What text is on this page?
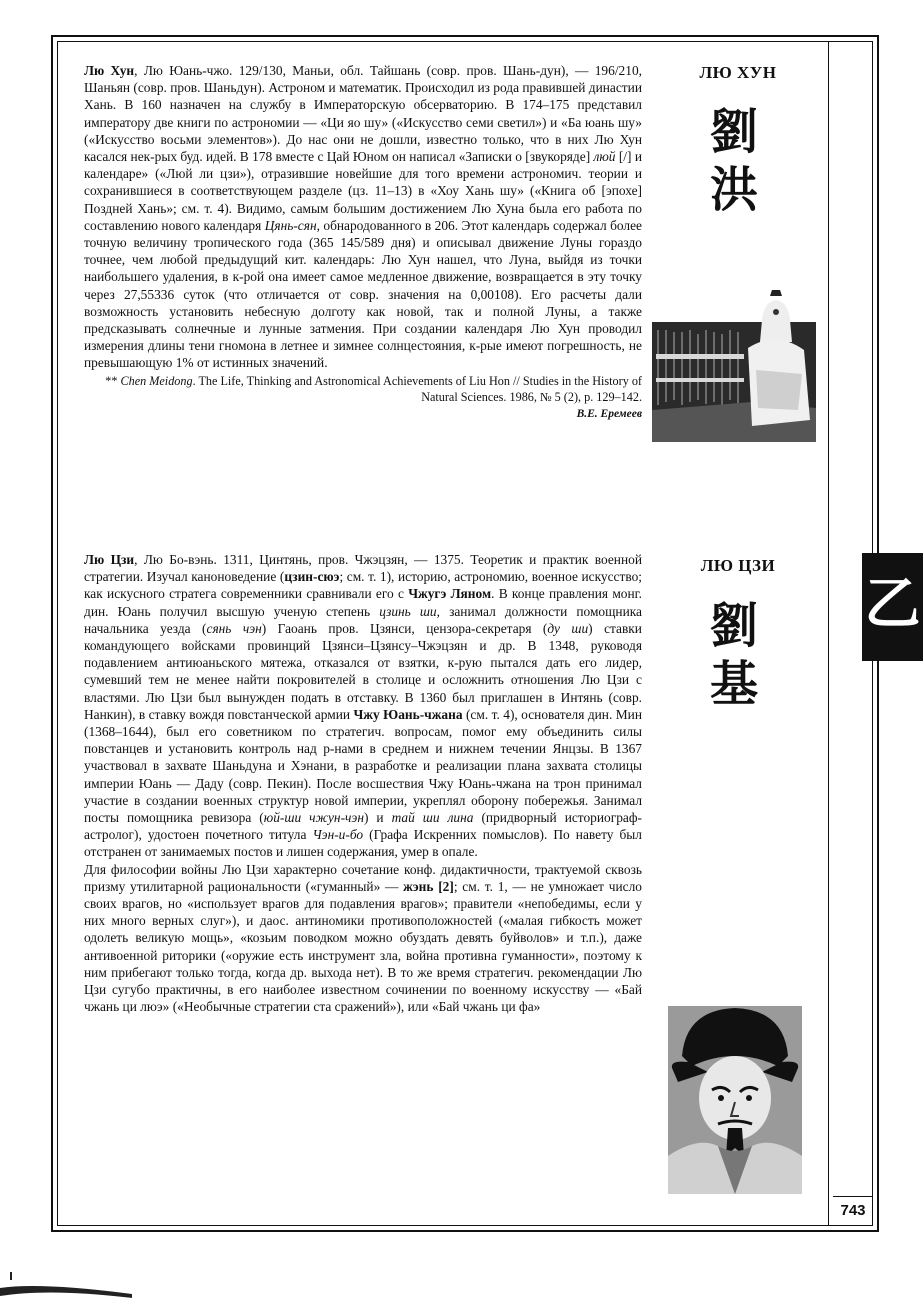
743

Лю Хун, Лю Юань-чжо. 129/130, Маньи, обл. Тайшань (совр. пров. Шань-дун), — 196/210, Шаньян (совр. пров. Шаньдун). Астроном и математик. Происходил из рода правившей династии Хань. В 160 назначен на службу в Императорскую обсерваторию. В 174–175 представил императору две книги по астрономии — «Ци яо шу» («Искусство семи светил») и «Ба юань шу» («Искусство восьми элементов»). До нас они не дошли, известно только, что в них Лю Хун касался нек-рых буд. идей. В 178 вместе с Цай Юном он написал «Записки о [звукоряде] люй [/] и календаре» («Люй ли цзи»), отразившие новейшие для того времени астрономич. теории и сохранившиеся в соответствующем разделе (цз. 11–13) в «Хоу Хань шу» («Книга об [эпохе] Поздней Хань»; см. т. 4). Видимо, самым большим достижением Лю Хуна была его работа по составлению нового календаря Цянь-сян, обнародованного в 206. Этот календарь содержал более точную величину тропического года (365 145/589 дня) и описывал движение Луны гораздо точнее, чем любой предыдущий кит. календарь: Лю Хун нашел, что Луна, выйдя из точки наибольшего удаления, в к-рой она имеет самое медленное движение, возвращается в эту точку через 27,55336 суток (что отличается от совр. значения на 0,00108). Его расчеты дали возможность установить небесную долготу как новой, так и полной Луны, а также предсказывать солнечные и лунные затмения. При создании календаря Лю Хун проводил измерения длины тени гномона в летнее и зимнее солнцестояния, к-рые имеют погрешность, не превышающую 1% от истинных значений.

** Chen Meidong. The Life, Thinking and Astronomical Achievements of Liu Hon // Studies in the History of Natural Sciences. 1986, № 5 (2), p. 129–142.
В.Е. Еремеев
ЛЮ ХУН
劉
洪

Лю Цзи, Лю Бо-вэнь. 1311, Цинтянь, пров. Чжэцзян, — 1375. Теоретик и практик военной стратегии. Изучал каноноведение (цзин-сюэ; см. т. 1), историю, астрономию, военное искусство; как искусного стратега современники сравнивали его с Чжугэ Ляном. В конце правления монг. дин. Юань получил высшую ученую степень цзинь ши, занимал должности помощника начальника уезда (сянь чэн) Гаоань пров. Цзянси, цензора-секретаря (ду ши) ставки командующего войсками провинций Цзянси–Цзянсу–Чжэцзян и др. В 1348, руководя подавлением антиюаньского мятежа, отказался от взятки, к-рую пытался дать его лидер, сумевший тем не менее найти покровителей в столице и осложнить отношения Лю Цзи с властями. Лю Цзи был вынужден подать в отставку. В 1360 был приглашен в Интянь (совр. Нанкин), в ставку вождя повстанческой армии Чжу Юань-чжана (см. т. 4), основателя дин. Мин (1368–1644), был его советником по стратегич. вопросам, помог ему объединить силы повстанцев и установить контроль над р-нами в среднем и нижнем течении Янцзы. В 1367 участвовал в захвате Шаньдуна и Хэнани, в разработке и реализации плана захвата столицы империи Юань — Даду (совр. Пекин). После восшествия Чжу Юань-чжана на трон принимал участие в создании военных структур новой империи, укреплял оборону побережья. Занимал посты помощника ревизора (юй-ши чжун-чэн) и тай ши лина (придворный историограф-астролог), удостоен почетного титула Чэн-и-бо (Графа Искренних помыслов). По навету был отстранен от занимаемых постов и лишен содержания, умер в опале.

Для философии войны Лю Цзи характерно сочетание конф. дидактичности, трактуемой сквозь призму утилитарной рациональности («гуманный» — жэнь [2]; см. т. 1, — не умножает число своих врагов, но «использует врагов для подавления врагов»; правители «непобедимы, если у них много верных слуг»), и даос. антиномики противоположностей («малая гибкость может одолеть великую мощь», «козьим поводком можно обуздать девять буйволов» и т.п.), даже антивоенной риторики («оружие есть инструмент зла, война противна гуманности», поэтому к ним прибегают только тогда, когда др. выхода нет). В то же время стратегич. рекомендации Лю Цзи сугубо практичны, в его наиболее известном сочинении по военному искусству — «Бай чжань ци люэ» («Необычные стратегии ста сражений»), или «Бай чжань ци фа»

ЛЮ ЦЗИ
劉
基
乙
